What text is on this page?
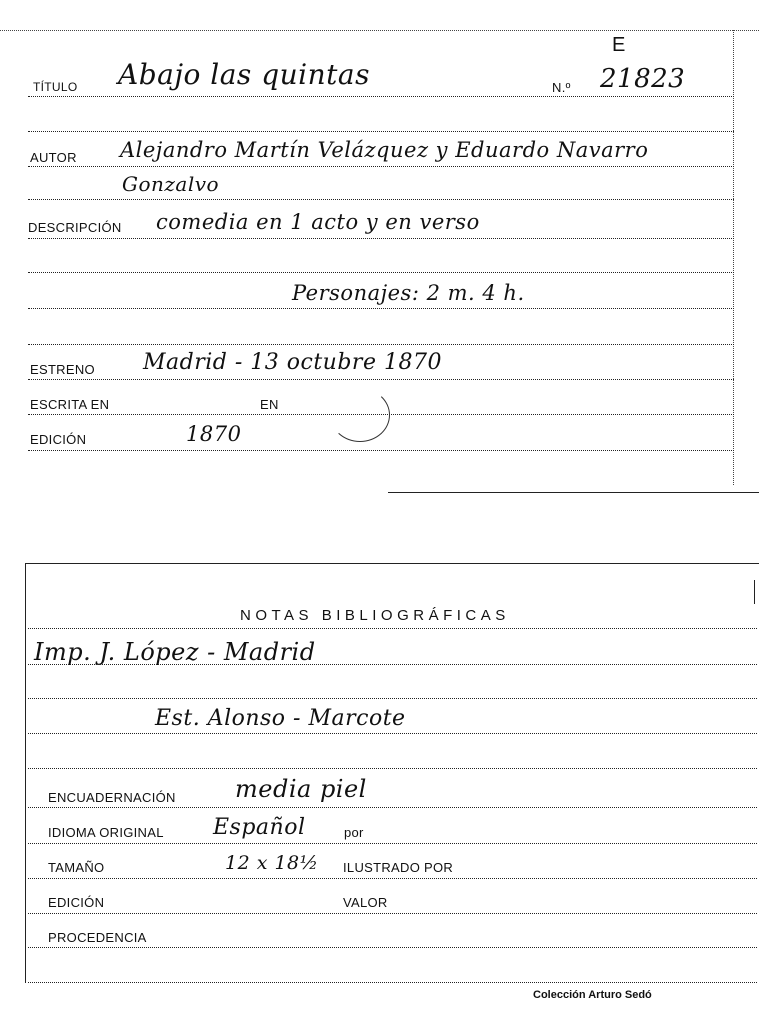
E
TÍTULO Abajo las quintas	N.º 21823
AUTOR Alejandro Martín Velázquez y Eduardo Navarro
Gonzalvo
DESCRIPCIÓN comedia en 1 acto y en verso
Personajes: 2 m. 4 h.
ESTRENO Madrid - 13 octubre 1870
ESCRITA EN	EN
EDICIÓN	1870
NOTAS BIBLIOGRÁFICAS
Imp. J. López - Madrid
Est. Alonso - Marcote
ENCUADERNACIÓN media piel
IDIOMA ORIGINAL Español	por
TAMAÑO	12 x 18½ ILUSTRADO POR
EDICIÓN	VALOR
PROCEDENCIA
Colección Arturo Sedó
